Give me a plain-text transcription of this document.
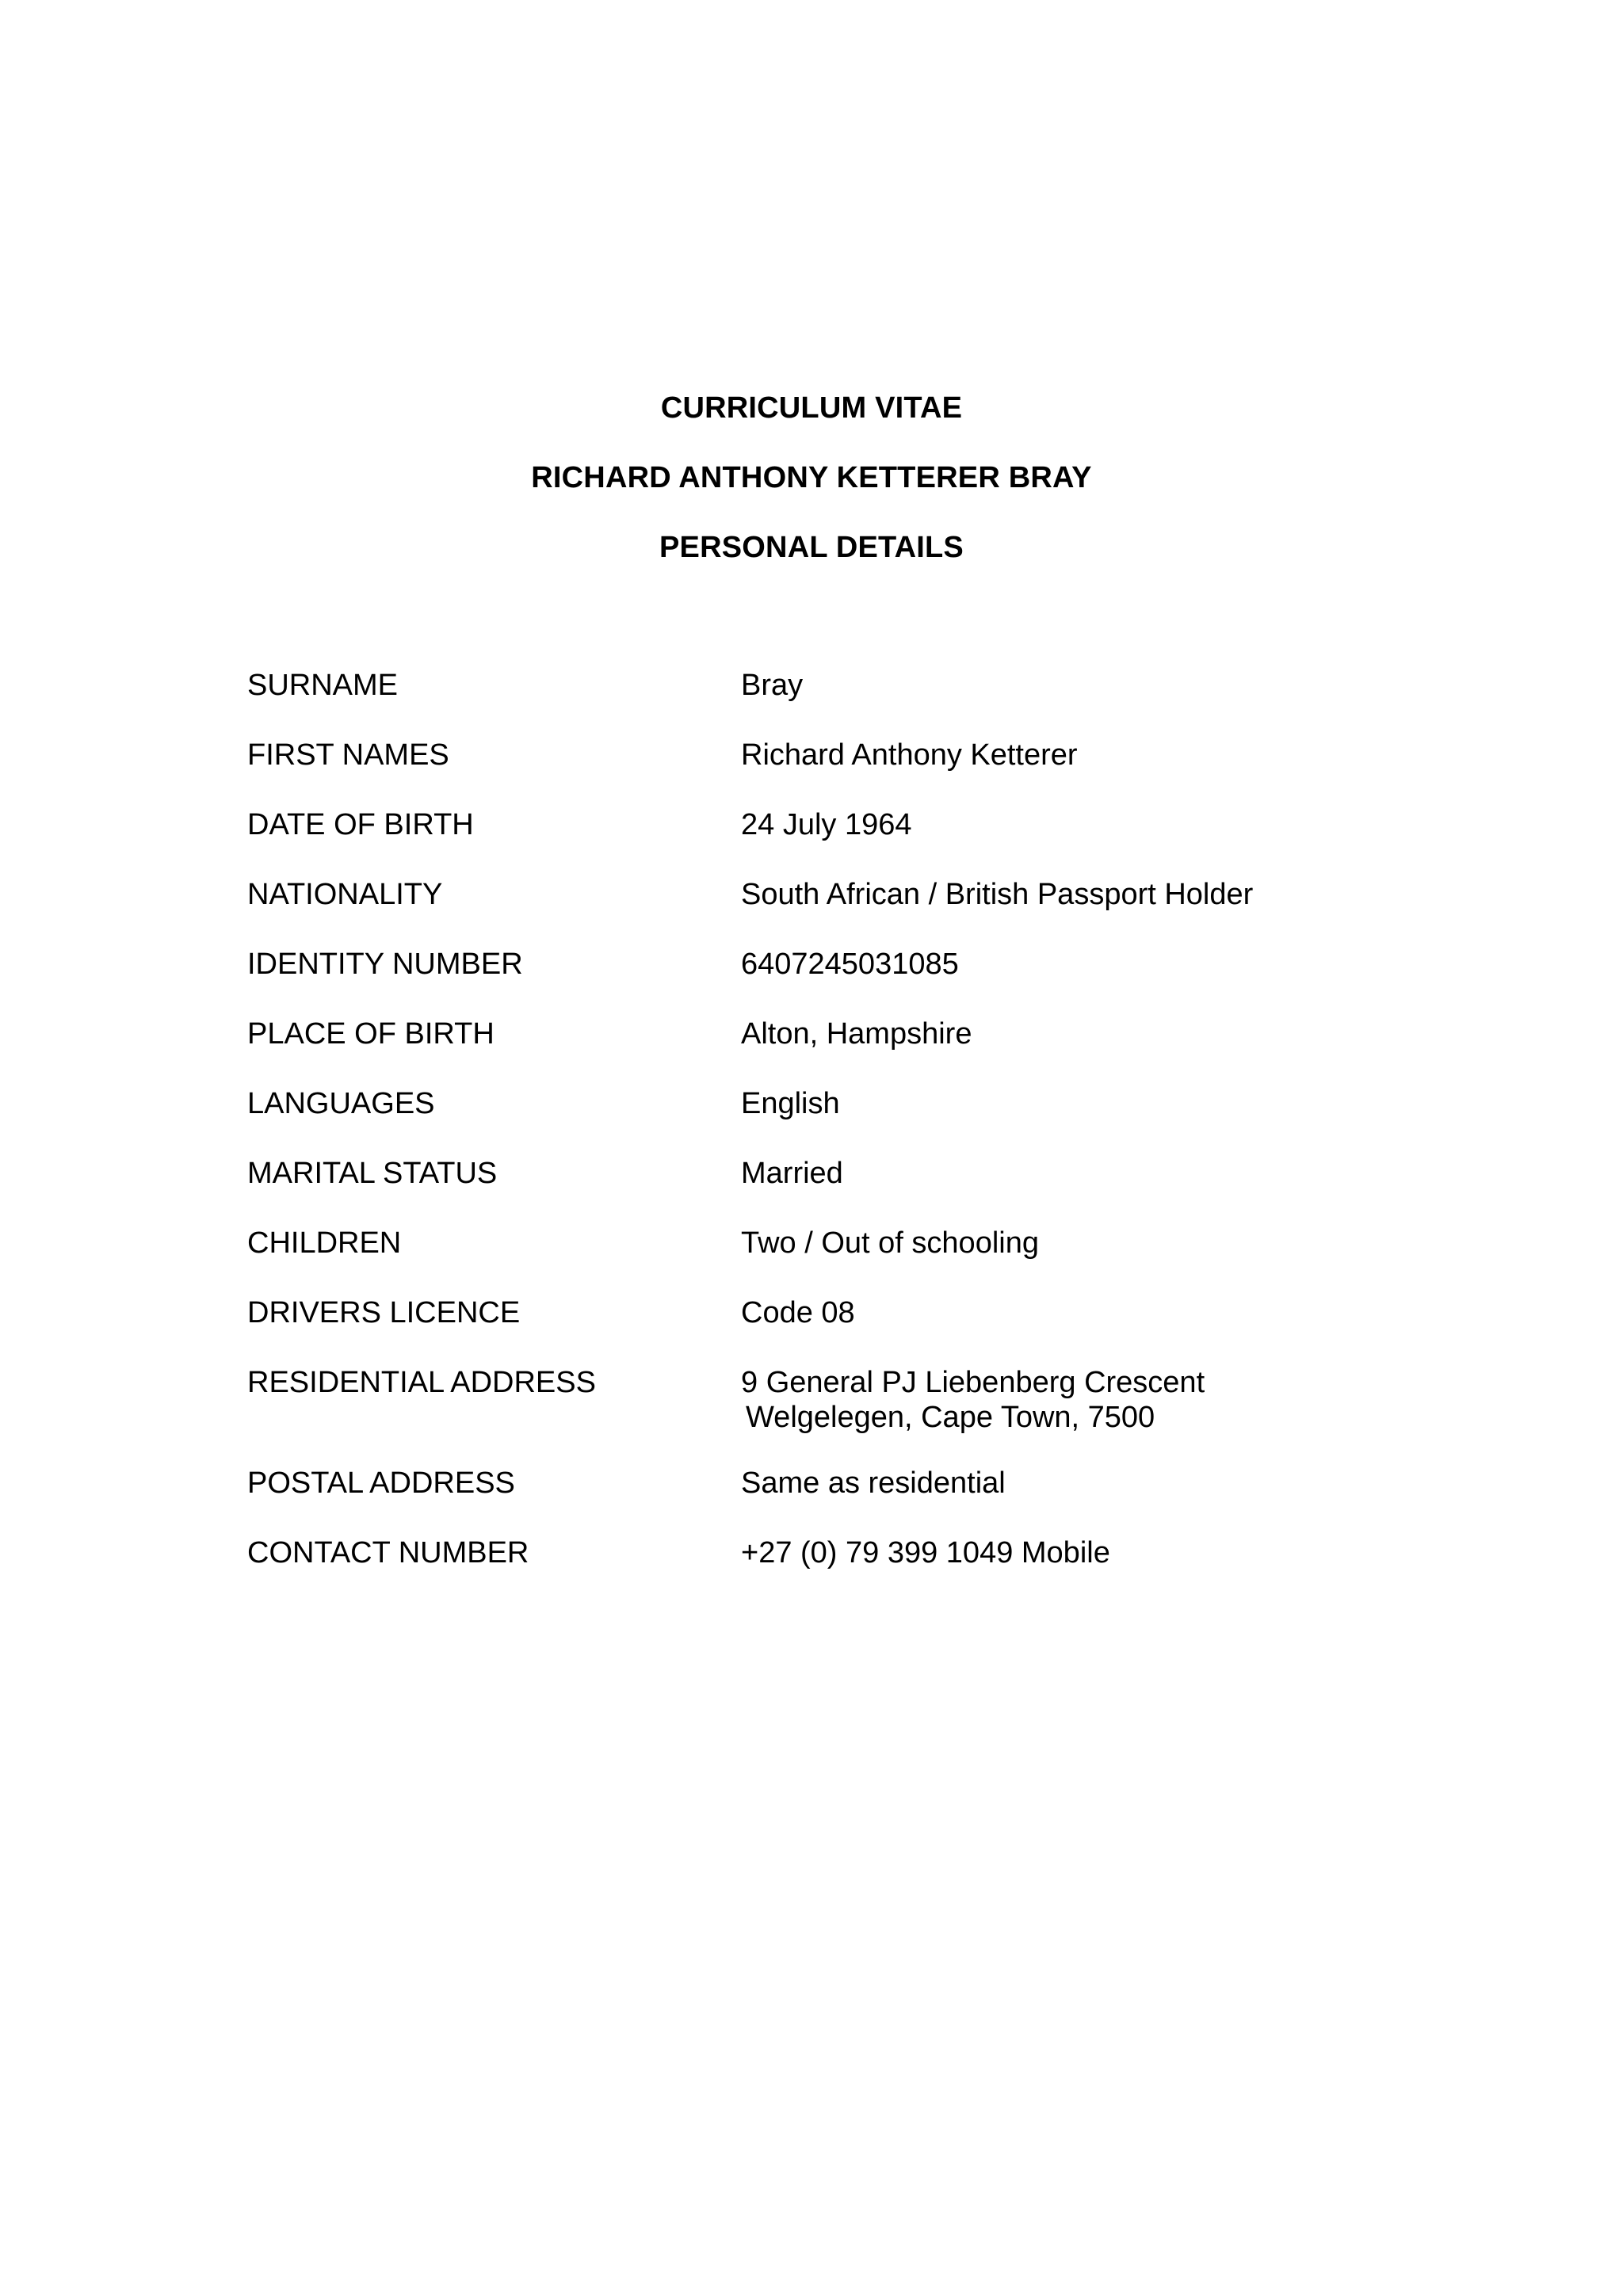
CURRICULUM VITAE
RICHARD ANTHONY KETTERER BRAY
PERSONAL DETAILS
SURNAME	Bray
FIRST NAMES	Richard Anthony Ketterer
DATE OF BIRTH	24 July 1964
NATIONALITY	South African / British Passport Holder
IDENTITY NUMBER	6407245031085
PLACE OF BIRTH	Alton, Hampshire
LANGUAGES	English
MARITAL STATUS	Married
CHILDREN	Two / Out of schooling
DRIVERS LICENCE	Code 08
RESIDENTIAL ADDRESS	9 General PJ Liebenberg Crescent
Welgelegen, Cape Town, 7500
POSTAL ADDRESS	Same as residential
CONTACT NUMBER	+27 (0) 79 399 1049 Mobile
